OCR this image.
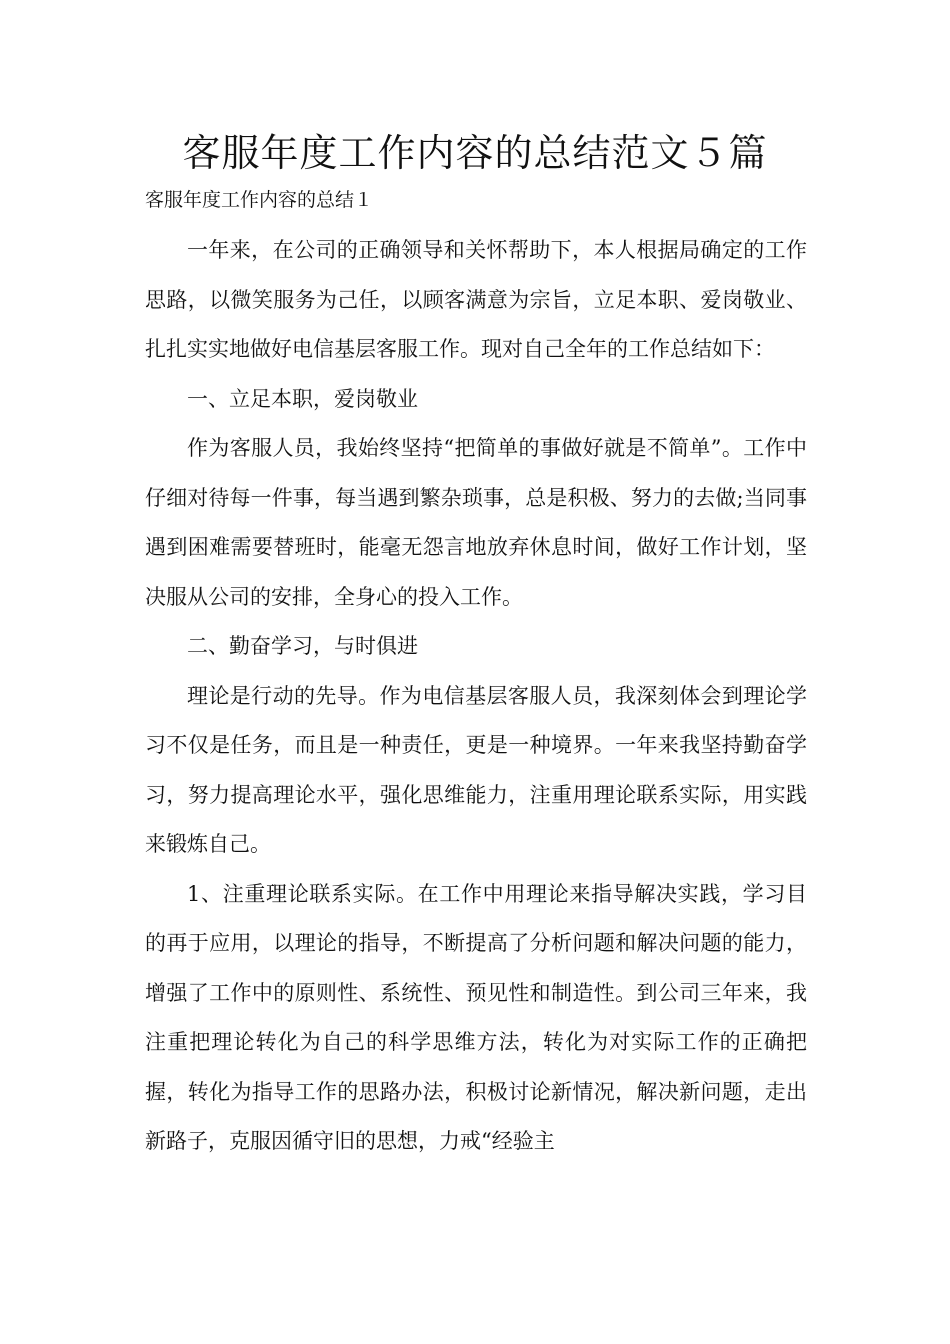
客服年度工作内容的总结范文５篇
客服年度工作内容的总结１

一年来，在公司的正确领导和关怀帮助下，本人根据局确定的工作思路，以微笑服务为己任，以顾客满意为宗旨，立足本职、爱岗敬业、扎扎实实地做好电信基层客服工作。现对自己全年的工作总结如下：

一、立足本职，爱岗敬业

作为客服人员，我始终坚持“把简单的事做好就是不简单”。工作中仔细对待每一件事，每当遇到繁杂琐事，总是积极、努力的去做;当同事遇到困难需要替班时，能毫无怨言地放弃休息时间，做好工作计划，坚决服从公司的安排，全身心的投入工作。

二、勤奋学习，与时俱进

理论是行动的先导。作为电信基层客服人员，我深刻体会到理论学习不仅是任务，而且是一种责任，更是一种境界。一年来我坚持勤奋学习，努力提高理论水平，强化思维能力，注重用理论联系实际，用实践来锻炼自己。

1、注重理论联系实际。在工作中用理论来指导解决实践，学习目的再于应用，以理论的指导，不断提高了分析问题和解决问题的能力，增强了工作中的原则性、系统性、预见性和制造性。到公司三年来，我注重把理论转化为自己的科学思维方法，转化为对实际工作的正确把握，转化为指导工作的思路办法，积极讨论新情况，解决新问题，走出新路子，克服因循守旧的思想，力戒“经验主
